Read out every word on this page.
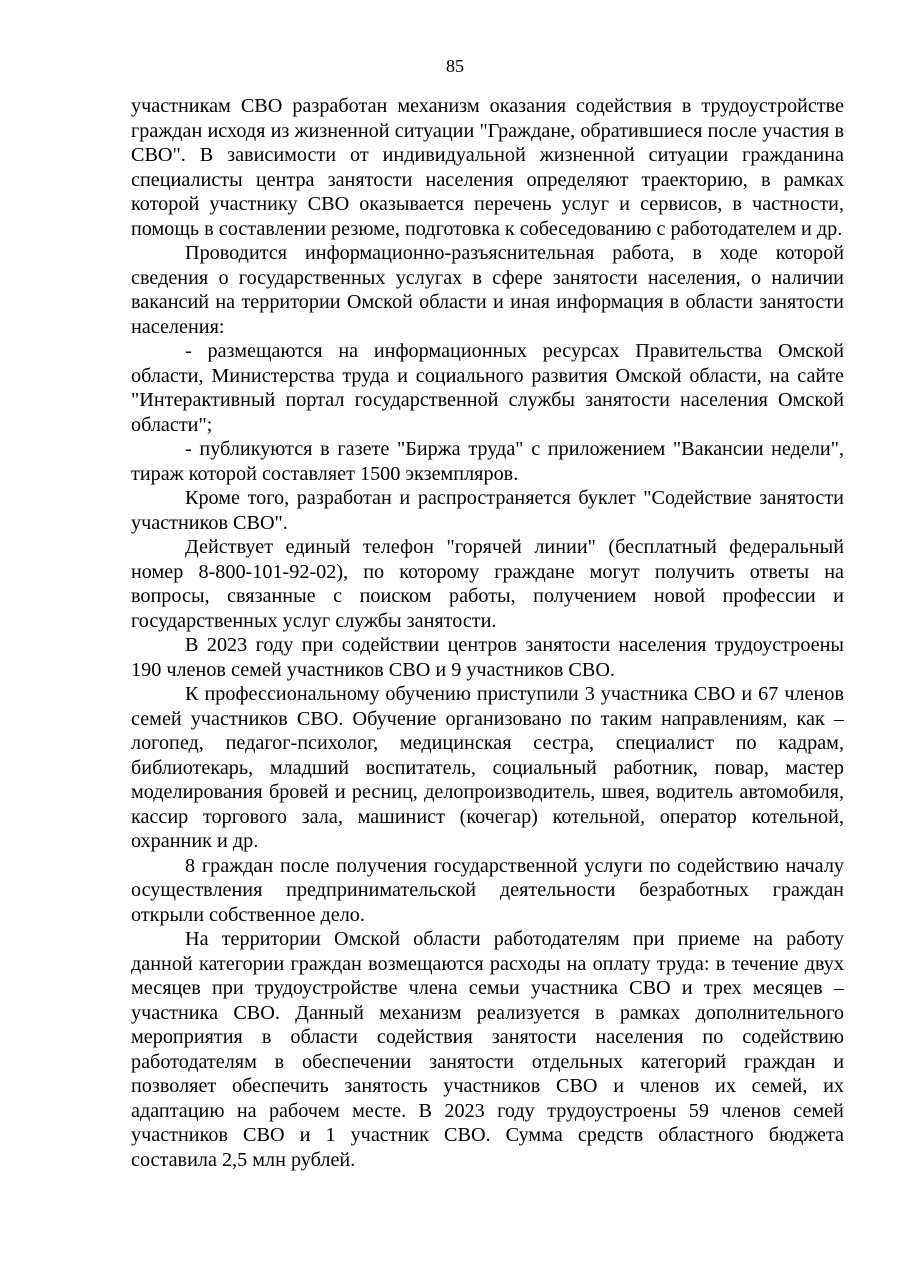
85

участникам СВО разработан механизм оказания содействия в трудоустройстве граждан исходя из жизненной ситуации "Граждане, обратившиеся после участия в СВО". В зависимости от индивидуальной жизненной ситуации гражданина специалисты центра занятости населения определяют траекторию, в рамках которой участнику СВО оказывается перечень услуг и сервисов, в частности, помощь в составлении резюме, подготовка к собеседованию с работодателем и др.

Проводится информационно-разъяснительная работа, в ходе которой сведения о государственных услугах в сфере занятости населения, о наличии вакансий на территории Омской области и иная информация в области занятости населения:

- размещаются на информационных ресурсах Правительства Омской области, Министерства труда и социального развития Омской области, на сайте "Интерактивный портал государственной службы занятости населения Омской области";

- публикуются в газете "Биржа труда" с приложением "Вакансии недели", тираж которой составляет 1500 экземпляров.

Кроме того, разработан и распространяется буклет "Содействие занятости участников СВО".

Действует единый телефон "горячей линии" (бесплатный федеральный номер 8-800-101-92-02), по которому граждане могут получить ответы на вопросы, связанные с поиском работы, получением новой профессии и государственных услуг службы занятости.

В 2023 году при содействии центров занятости населения трудоустроены 190 членов семей участников СВО и 9 участников СВО.

К профессиональному обучению приступили 3 участника СВО и 67 членов семей участников СВО. Обучение организовано по таким направлениям, как – логопед, педагог-психолог, медицинская сестра, специалист по кадрам, библиотекарь, младший воспитатель, социальный работник, повар, мастер моделирования бровей и ресниц, делопроизводитель, швея, водитель автомобиля, кассир торгового зала, машинист (кочегар) котельной, оператор котельной, охранник и др.

8 граждан после получения государственной услуги по содействию началу осуществления предпринимательской деятельности безработных граждан открыли собственное дело.

На территории Омской области работодателям при приеме на работу данной категории граждан возмещаются расходы на оплату труда: в течение двух месяцев при трудоустройстве члена семьи участника СВО и трех месяцев – участника СВО. Данный механизм реализуется в рамках дополнительного мероприятия в области содействия занятости населения по содействию работодателям в обеспечении занятости отдельных категорий граждан и позволяет обеспечить занятость участников СВО и членов их семей, их адаптацию на рабочем месте. В 2023 году трудоустроены 59 членов семей участников СВО и 1 участник СВО. Сумма средств областного бюджета составила 2,5 млн рублей.
